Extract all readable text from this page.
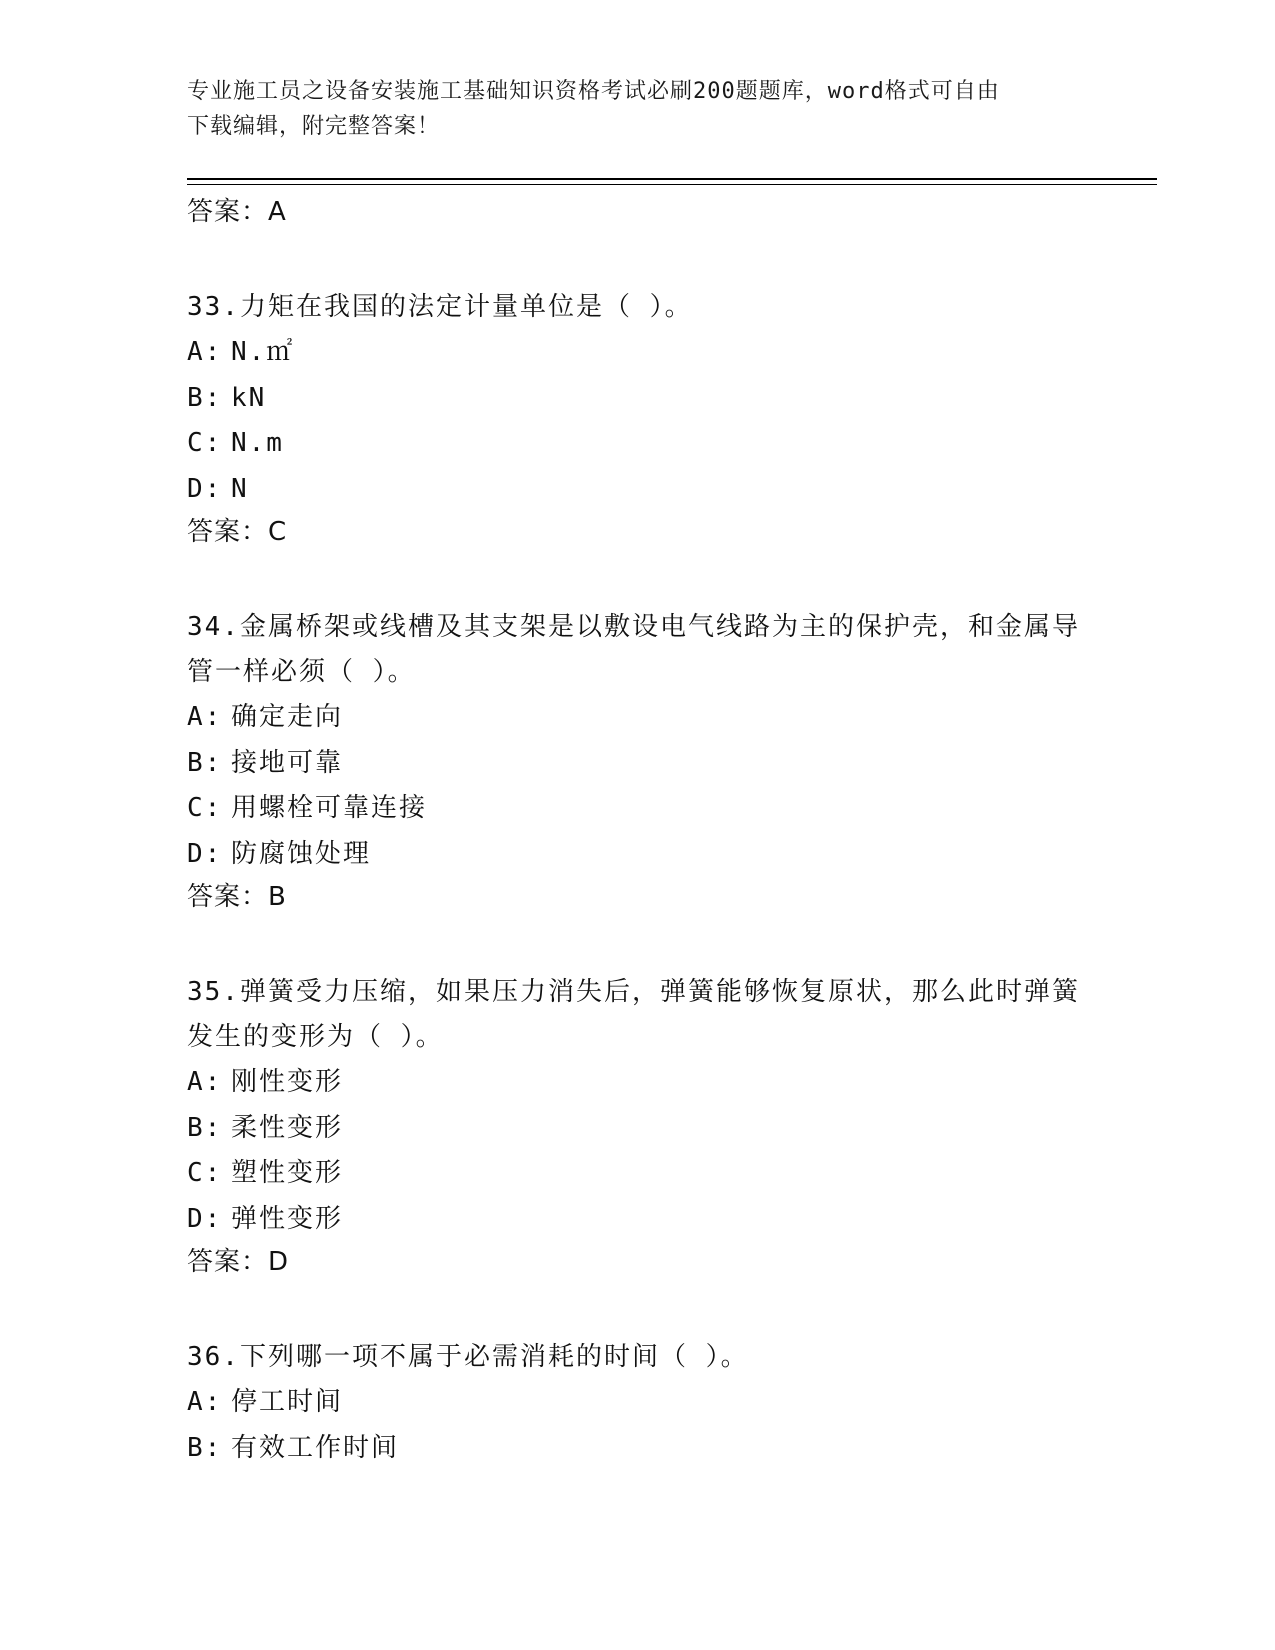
专业施工员之设备安装施工基础知识资格考试必刷200题题库，word格式可自由
下载编辑，附完整答案！
答案：A
33.力矩在我国的法定计量单位是（ ）。
A: N.㎡
B: kN
C: N.m
D: N
答案：C
34.金属桥架或线槽及其支架是以敷设电气线路为主的保护壳，和金属导管一样必须（ ）。
A: 确定走向
B: 接地可靠
C: 用螺栓可靠连接
D: 防腐蚀处理
答案：B
35.弹簧受力压缩，如果压力消失后，弹簧能够恢复原状，那么此时弹簧发生的变形为（ ）。
A: 刚性变形
B: 柔性变形
C: 塑性变形
D: 弹性变形
答案：D
36.下列哪一项不属于必需消耗的时间（ ）。
A: 停工时间
B: 有效工作时间
